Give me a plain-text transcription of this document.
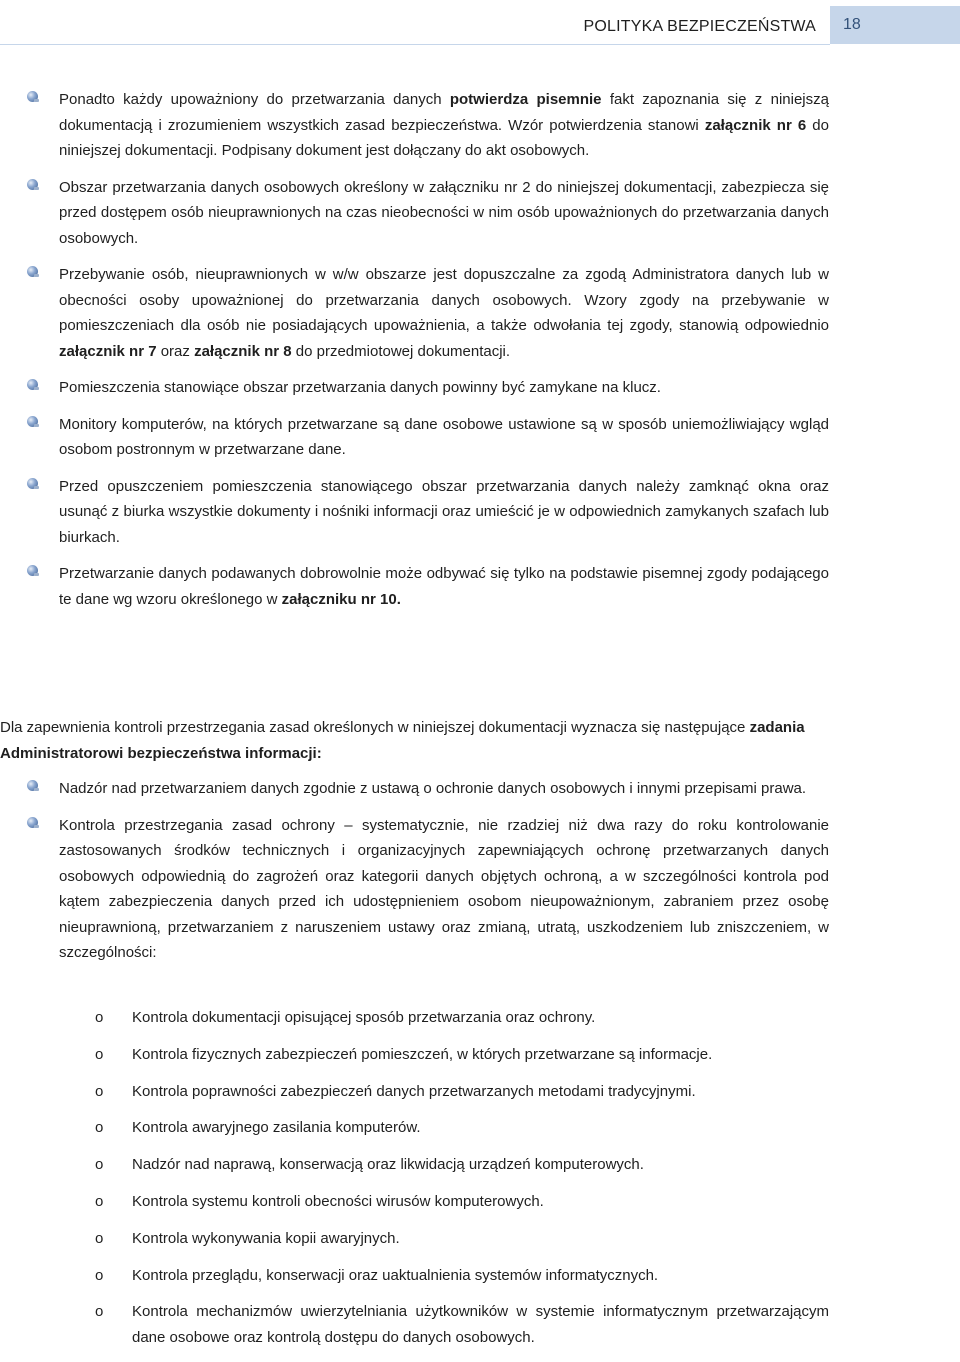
POLITYKA BEZPIECZEŃSTWA	18

Ponadto każdy upoważniony do przetwarzania danych potwierdza pisemnie fakt zapoznania się z niniejszą dokumentacją i zrozumieniem wszystkich zasad bezpieczeństwa. Wzór potwierdzenia stanowi załącznik nr 6 do niniejszej dokumentacji. Podpisany dokument jest dołączany do akt osobowych.

Obszar przetwarzania danych osobowych określony w załączniku nr 2 do niniejszej dokumentacji, zabezpiecza się przed dostępem osób nieuprawnionych na czas nieobecności w nim osób upoważnionych do przetwarzania danych osobowych.

Przebywanie osób, nieuprawnionych w w/w obszarze jest dopuszczalne za zgodą Administratora danych lub w obecności osoby upoważnionej do przetwarzania danych osobowych. Wzory zgody na przebywanie w pomieszczeniach dla osób nie posiadających upoważnienia, a także odwołania tej zgody, stanowią odpowiednio załącznik nr 7 oraz załącznik nr 8 do przedmiotowej dokumentacji.

Pomieszczenia stanowiące obszar przetwarzania danych powinny być zamykane na klucz.

Monitory komputerów, na których przetwarzane są dane osobowe ustawione są w sposób uniemożliwiający wgląd osobom postronnym w przetwarzane dane.

Przed opuszczeniem pomieszczenia stanowiącego obszar przetwarzania danych należy zamknąć okna oraz usunąć z biurka wszystkie dokumenty i nośniki informacji oraz umieścić je w odpowiednich zamykanych szafach lub biurkach.

Przetwarzanie danych podawanych dobrowolnie może odbywać się tylko na podstawie pisemnej zgody podającego te dane wg wzoru określonego w załączniku nr 10.

Dla zapewnienia kontroli przestrzegania zasad określonych w niniejszej dokumentacji wyznacza się następujące zadania Administratorowi bezpieczeństwa informacji:

Nadzór nad przetwarzaniem danych zgodnie z ustawą o ochronie danych osobowych i innymi przepisami prawa.

Kontrola przestrzegania zasad ochrony – systematycznie, nie rzadziej niż dwa razy do roku kontrolowanie zastosowanych środków technicznych i organizacyjnych zapewniających ochronę przetwarzanych danych osobowych odpowiednią do zagrożeń oraz kategorii danych objętych ochroną, a w szczególności kontrola pod kątem zabezpieczenia danych przed ich udostępnieniem osobom nieupoważnionym, zabraniem przez osobę nieuprawnioną, przetwarzaniem z naruszeniem ustawy oraz zmianą, utratą, uszkodzeniem lub zniszczeniem, w szczególności:

o Kontrola dokumentacji opisującej sposób przetwarzania oraz ochrony.

o Kontrola fizycznych zabezpieczeń pomieszczeń, w których przetwarzane są informacje.

o Kontrola poprawności zabezpieczeń danych przetwarzanych metodami tradycyjnymi.

o Kontrola awaryjnego zasilania komputerów.

o Nadzór nad naprawą, konserwacją oraz likwidacją urządzeń komputerowych.

o Kontrola systemu kontroli obecności wirusów komputerowych.

o Kontrola wykonywania kopii awaryjnych.

o Kontrola przeglądu, konserwacji oraz uaktualnienia systemów informatycznych.

o Kontrola mechanizmów uwierzytelniania użytkowników w systemie informatycznym przetwarzającym dane osobowe oraz kontrolą dostępu do danych osobowych.
